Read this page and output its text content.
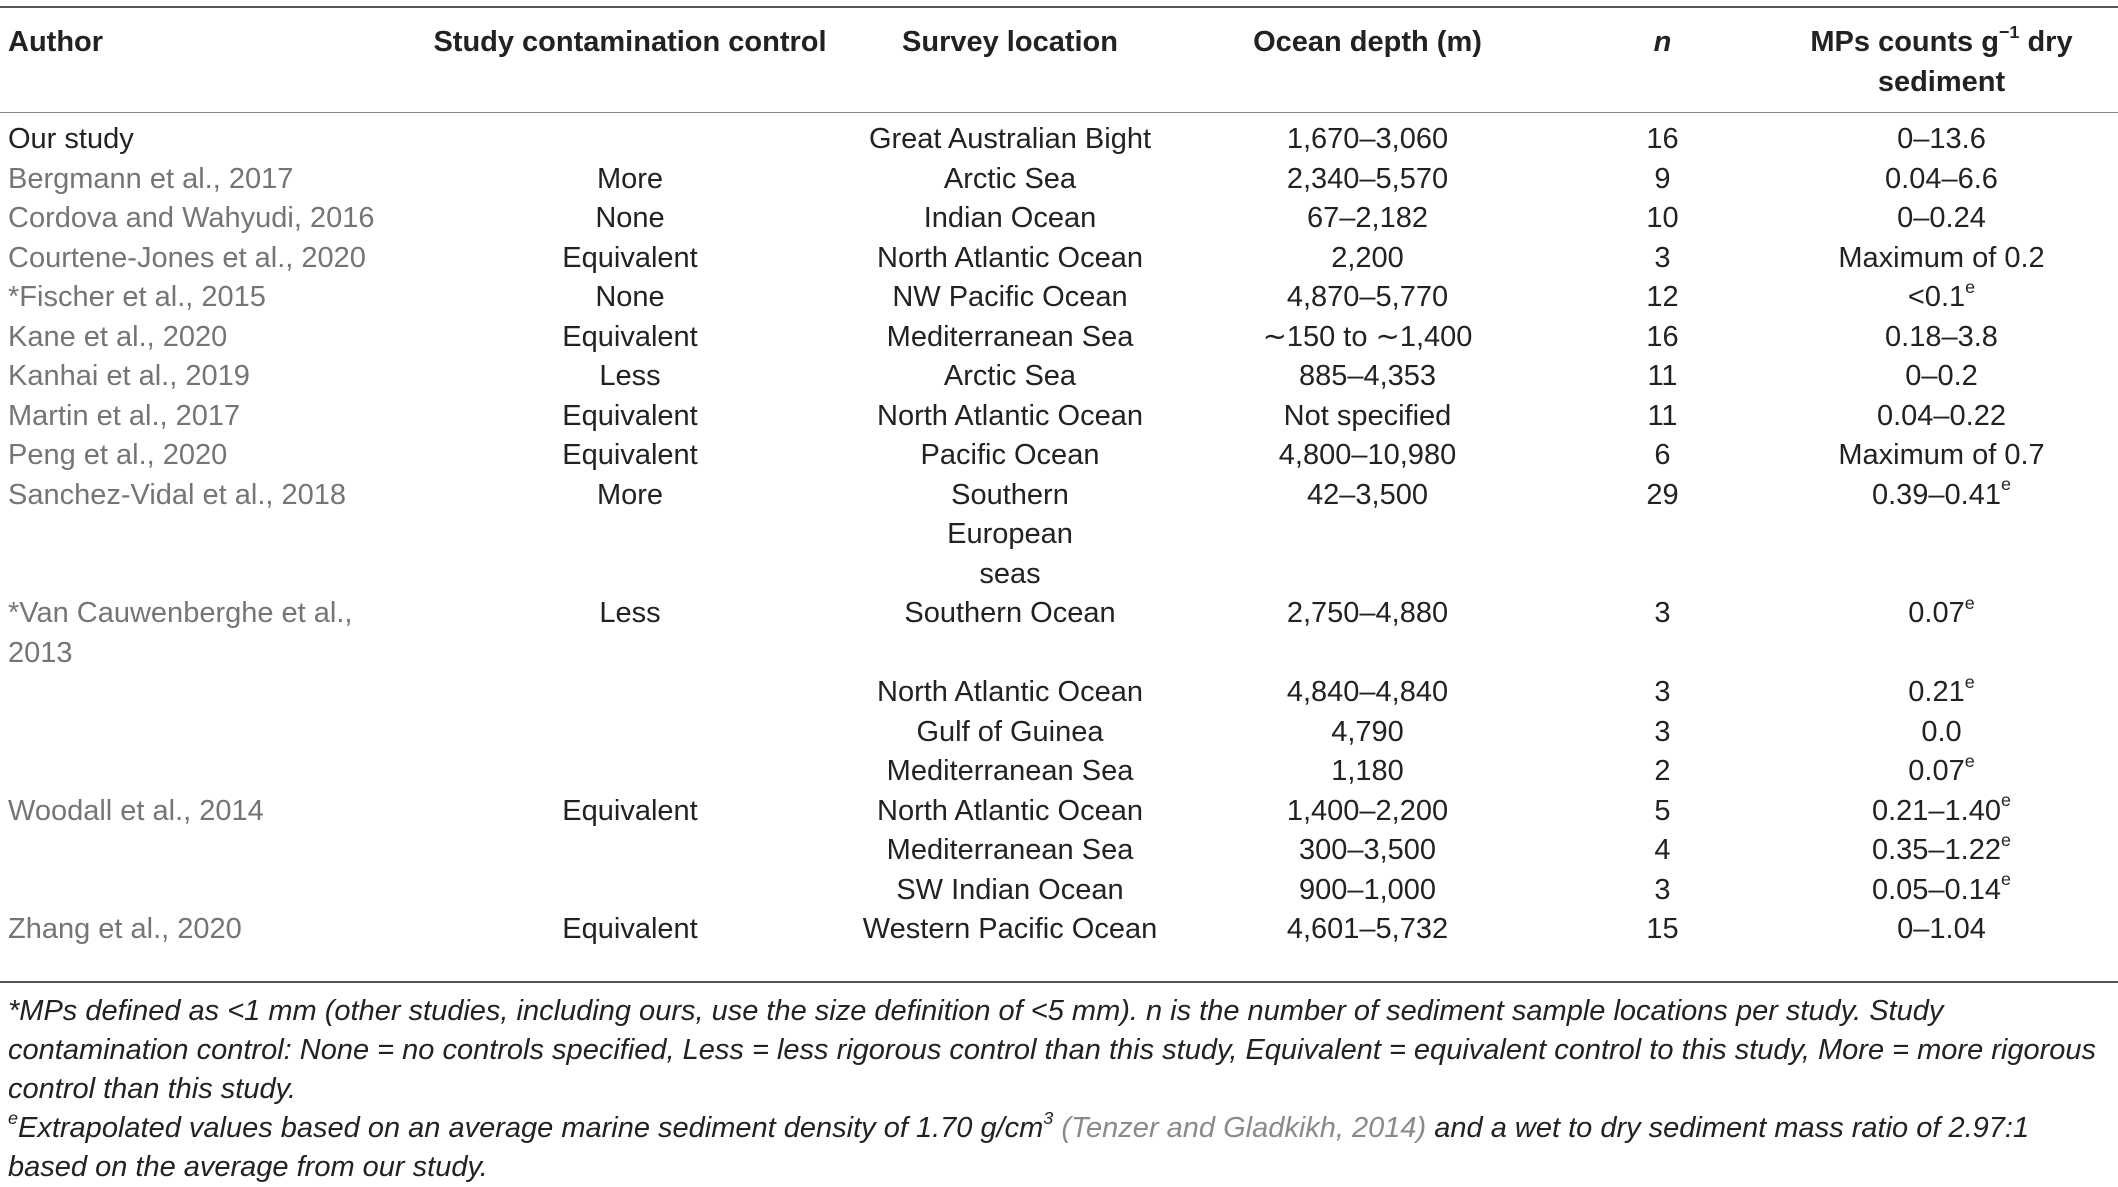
Author	Study contamination control	Survey location	Ocean depth (m)	n	MPs counts $g^{-1}$ dry sediment
Our study		Great Australian Bight	1,670–3,060	16	0–13.6
Bergmann et al., 2017	More	Arctic Sea	2,340–5,570	9	0.04–6.6
Cordova and Wahyudi, 2016	None	Indian Ocean	67–2,182	10	0–0.24
Courtene-Jones et al., 2020	Equivalent	North Atlantic Ocean	2,200	3	Maximum of 0.2
*Fischer et al., 2015	None	NW Pacific Ocean	4,870–5,770	12	<0.1$^e$
Kane et al., 2020	Equivalent	Mediterranean Sea	∼150 to ∼1,400	16	0.18–3.8
Kanhai et al., 2019	Less	Arctic Sea	885–4,353	11	0–0.2
Martin et al., 2017	Equivalent	North Atlantic Ocean	Not specified	11	0.04–0.22
Peng et al., 2020	Equivalent	Pacific Ocean	4,800–10,980	6	Maximum of 0.7
Sanchez-Vidal et al., 2018	More	Southern European seas	42–3,500	29	0.39–0.41e
*Van Cauwenberghe et al., 2013	Less	Southern Ocean	2,750–4,880	3	0.07e
		North Atlantic Ocean	4,840–4,840	3	0.21e
		Gulf of Guinea	4,790	3	0.0
		Mediterranean Sea	1,180	2	0.07e
Woodall et al., 2014	Equivalent	North Atlantic Ocean	1,400–2,200	5	0.21–1.40e
		Mediterranean Sea	300–3,500	4	0.35–1.22e
		SW Indian Ocean	900–1,000	3	0.05–0.14e
Zhang et al., 2020	Equivalent	Western Pacific Ocean	4,601–5,732	15	0–1.04

*MPs defined as <1 mm (other studies, including ours, use the size definition of <5 mm). n is the number of sediment sample locations per study. Study contamination control: None = no controls specified, Less = less rigorous control than this study, Equivalent = equivalent control to this study, More = more rigorous control than this study.

$^e$Extrapolated values based on an average marine sediment density of 1.70 $g/cm^3$ (Tenzer and Gladkikh, 2014) and a wet to dry sediment mass ratio of 2.97:1 based on the average from our study.
